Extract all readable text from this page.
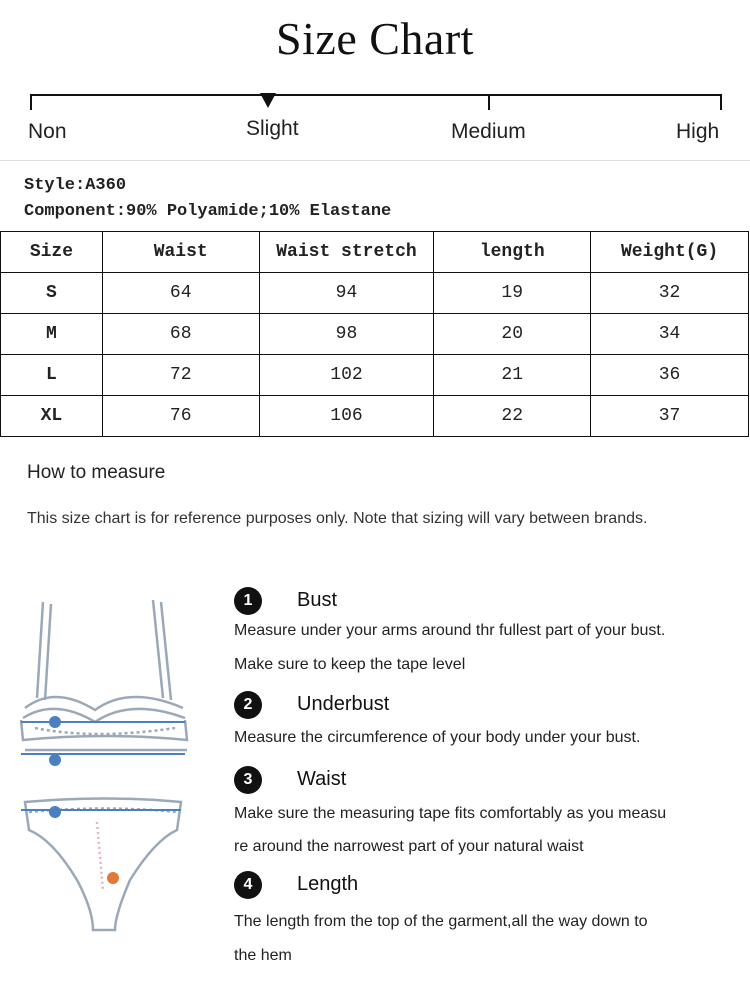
Size Chart
Non	Slight	Medium	High
Style:A360
Component:90% Polyamide;10% Elastane
Size	Waist	Waist stretch	length	Weight(G)
S	64	94	19	32
M	68	98	20	34
L	72	102	21	36
XL	76	106	22	37
How to measure
This size chart is for reference purposes only. Note that sizing will vary between brands.
1	Bust
Measure under your arms around thr fullest part of your bust.
Make sure to keep the tape level
2	Underbust
Measure the circumference of your body under your bust.
3	Waist
Make sure the measuring tape fits comfortably as you measu
re around the narrowest part of your natural waist
4	Length
The length from the top of the garment,all the way down to
the hem
